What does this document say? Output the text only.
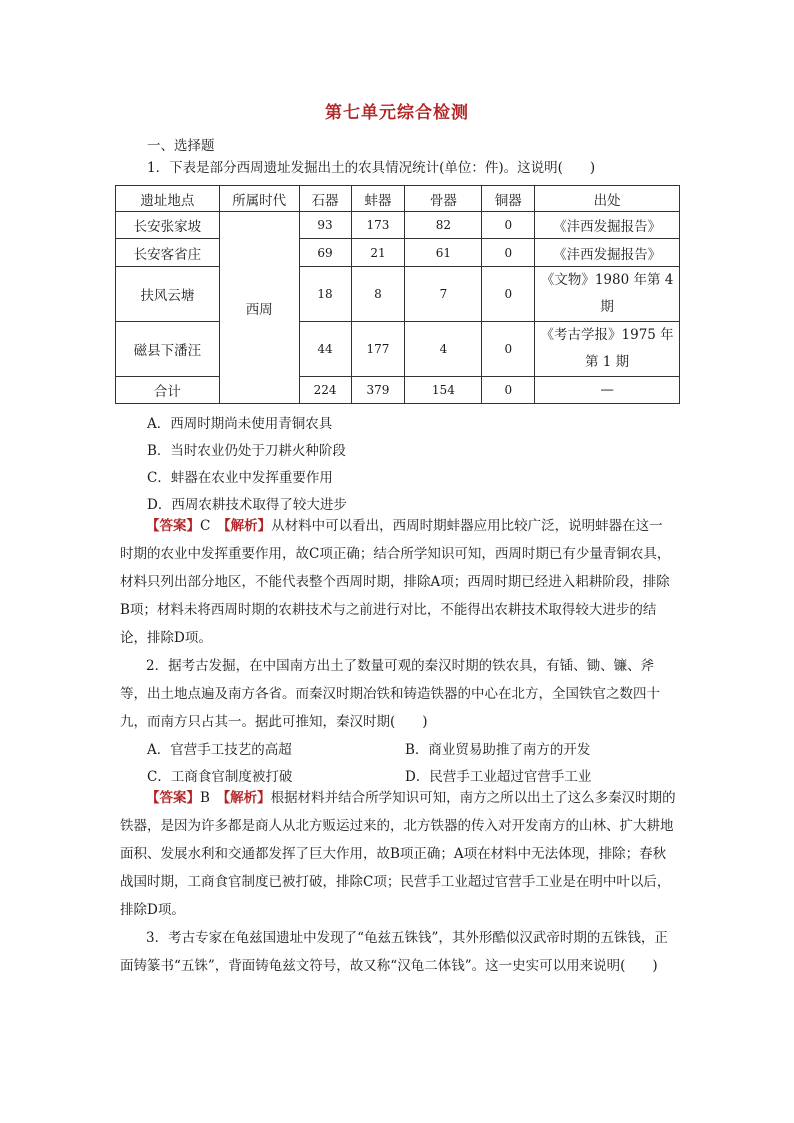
第七单元综合检测
一、选择题
1．下表是部分西周遗址发掘出土的农具情况统计(单位：件)。这说明(　　)
遗址地点	所属时代	石器	蚌器	骨器	铜器	出处
长安张家坡	西周	93	173	82	0	《沣西发掘报告》
长安客省庄		69	21	61	0	《沣西发掘报告》
扶风云塘		18	8	7	0	《文物》1980 年第 4
期

磁县下潘汪		44	177	4	0	《考古学报》1975 年
第 1 期

合计		224	379	154	0	—
A．西周时期尚未使用青铜农具
B．当时农业仍处于刀耕火种阶段
C．蚌器在农业中发挥重要作用
D．西周农耕技术取得了较大进步
【答案】C　 【解析】从材料中可以看出，西周时期蚌器应用比较广泛，说明蚌器在这一时期的农业中发挥重要作用，故C项正确；结合所学知识可知，西周时期已有少量青铜农具，材料只列出部分地区，不能代表整个西周时期，排除A项；西周时期已经进入耜耕阶段，排除B项；材料未将西周时期的农耕技术与之前进行对比，不能得出农耕技术取得较大进步的结论，排除D项。
2．据考古发掘，在中国南方出土了数量可观的秦汉时期的铁农具，有锸、锄、镰、斧等，出土地点遍及南方各省。而秦汉时期冶铁和铸造铁器的中心在北方，全国铁官之数四十九，而南方只占其一。据此可推知，秦汉时期(　　)
A．官营手工技艺的高超	B．商业贸易助推了南方的开发
C．工商食官制度被打破	D．民营手工业超过官营手工业
【答案】B　 【解析】根据材料并结合所学知识可知，南方之所以出土了这么多秦汉时期的铁器，是因为许多都是商人从北方贩运过来的，北方铁器的传入对开发南方的山林、扩大耕地面积、发展水利和交通都发挥了巨大作用，故B项正确；A项在材料中无法体现，排除；春秋战国时期，工商食官制度已被打破，排除C项；民营手工业超过官营手工业是在明中叶以后，排除D项。
3．考古专家在龟兹国遗址中发现了“龟兹五铢钱”，其外形酷似汉武帝时期的五铢钱，正面铸篆书“五铢”，背面铸龟兹文符号，故又称“汉龟二体钱”。这一史实可以用来说明(　　)
